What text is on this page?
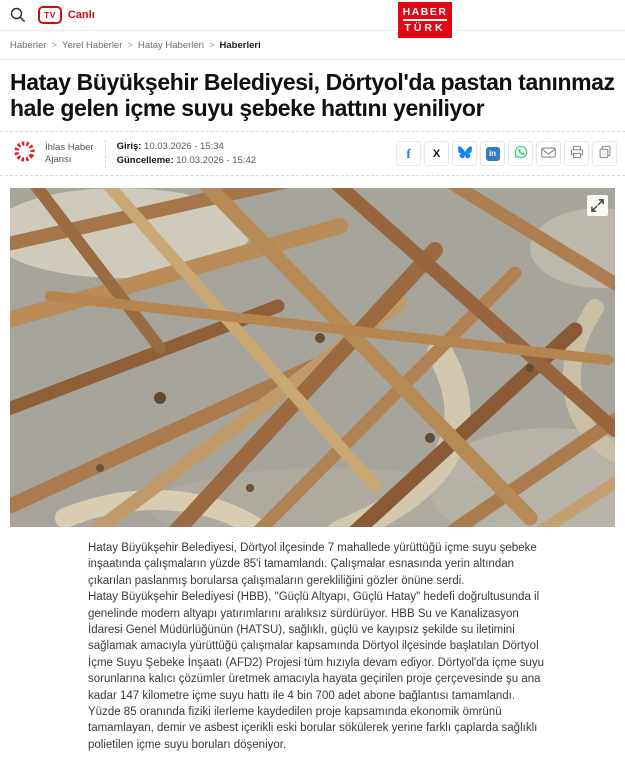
TV	Canlı	HABER
TÜRK
Haberler > Yerel Haberler > Hatay Haberleri > Haberleri
Hatay Büyükşehir Belediyesi, Dörtyol'da pastan tanınmaz hale gelen içme suyu şebeke hattını yeniliyor
İhlas Haber
Ajansı
Giriş: 10.03.2026 - 15:34
Güncelleme: 10.03.2026 - 15:42	f X	in

Hatay Büyükşehir Belediyesi, Dörtyol ilçesinde 7 mahallede yürüttüğü içme suyu şebeke inşaatında çalışmaların yüzde 85'i tamamlandı. Çalışmalar esnasında yerin altından çıkarılan paslanmış borularsa çalışmaların gerekliliğini gözler önüne serdi.

Hatay Büyükşehir Belediyesi (HBB), "Güçlü Altyapı, Güçlü Hatay" hedefi doğrultusunda il genelinde modern altyapı yatırımlarını aralıksız sürdürüyor. HBB Su ve Kanalizasyon İdaresi Genel Müdürlüğünün (HATSU), sağlıklı, güçlü ve kayıpsız şekilde su iletimini sağlamak amacıyla yürüttüğü çalışmalar kapsamında Dörtyol ilçesinde başlatılan Dörtyol İçme Suyu Şebeke İnşaatı (AFD2) Projesi tüm hızıyla devam ediyor. Dörtyol'da içme suyu sorunlarına kalıcı çözümler üretmek amacıyla hayata geçirilen proje çerçevesinde şu ana kadar 147 kilometre içme suyu hattı ile 4 bin 700 adet abone bağlantısı tamamlandı. Yüzde 85 oranında fiziki ilerleme kaydedilen proje kapsamında ekonomik ömrünü tamamlayan, demir ve asbest içerikli eski borular sökülerek yerine farklı çaplarda sağlıklı polietilen içme suyu boruları döşeniyor.
